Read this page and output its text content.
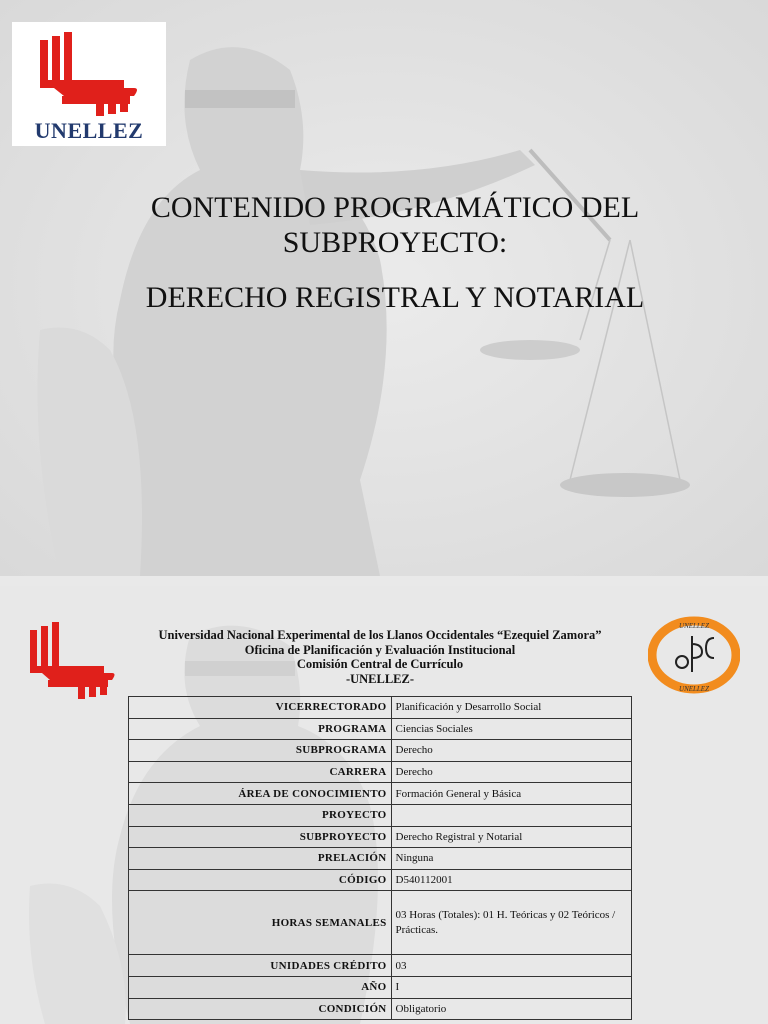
UNELLEZ
CONTENIDO PROGRAMÁTICO DEL
SUBPROYECTO:
DERECHO REGISTRAL Y NOTARIAL
Universidad Nacional Experimental de los Llanos Occidentales “Ezequiel Zamora”
Oficina de Planificación y Evaluación Institucional
Comisión Central de Currículo
-UNELLEZ-
UNELLEZ
UNELLEZ
VICERRECTORADO	Planificación y Desarrollo Social
PROGRAMA	Ciencias Sociales
SUBPROGRAMA	Derecho
CARRERA	Derecho
ÁREA DE CONOCIMIENTO	Formación General y Básica
PROYECTO	
SUBPROYECTO	Derecho Registral y Notarial
PRELACIÓN	Ninguna
CÓDIGO	D540112001
HORAS SEMANALES	03 Horas (Totales): 01 H. Teóricas y 02 Teóricos / Prácticas.
UNIDADES CRÉDITO	03
AÑO	I
CONDICIÓN	Obligatorio
